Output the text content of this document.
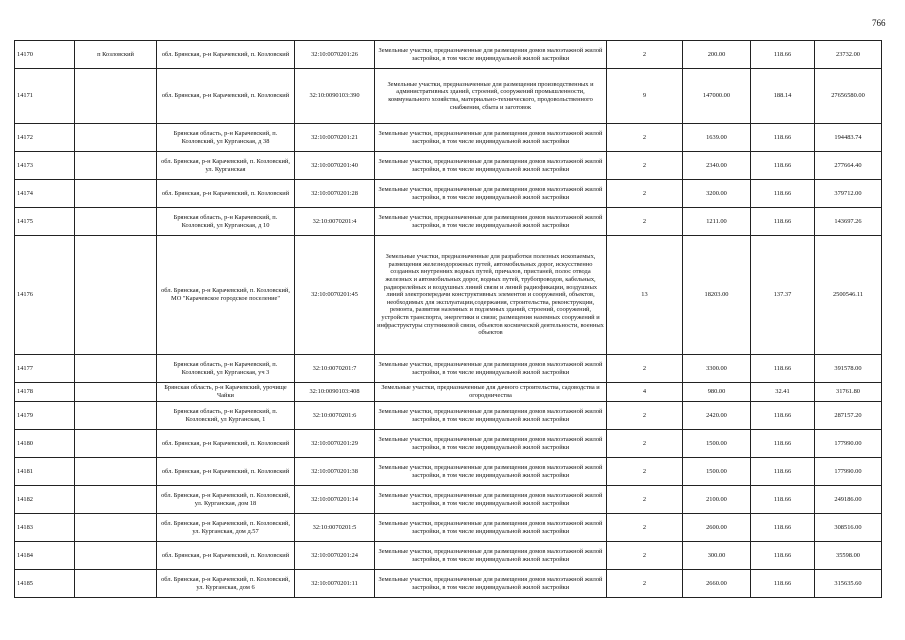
766
14170	п Козловский	обл. Брянская, р-н Карачевский, п. Козловский	32:10:0070201:26	Земельные участки, предназначенные для размещения домов малоэтажной жилой застройки, в том числе индивидуальной жилой застройки	2	200.00	118.66	23732.00
14171		обл. Брянская, р-н Карачевский, п. Козловский	32:10:0090103:390	Земельные участки, предназначенные для размещения производственных и административных зданий, строений, сооружений промышленности, коммунального хозяйства, материально-технического, продовольственного снабжения, сбыта и заготовок	9	147000.00	188.14	27656580.00
14172		Брянская область, р-н Карачевский, п. Козловский, ул Курганская, д 38	32:10:0070201:21	Земельные участки, предназначенные для размещения домов малоэтажной жилой застройки, в том числе индивидуальной жилой застройки	2	1639.00	118.66	194483.74
14173		обл. Брянская, р-н Карачевский, п. Козловский, ул. Курганская	32:10:0070201:40	Земельные участки, предназначенные для размещения домов малоэтажной жилой застройки, в том числе индивидуальной жилой застройки	2	2340.00	118.66	277664.40
14174		обл. Брянская, р-н Карачевский, п. Козловский	32:10:0070201:28	Земельные участки, предназначенные для размещения домов малоэтажной жилой застройки, в том числе индивидуальной жилой застройки	2	3200.00	118.66	379712.00
14175		Брянская область, р-н Карачевский, п. Козловский, ул Курганская, д 10	32:10:0070201:4	Земельные участки, предназначенные для размещения домов малоэтажной жилой застройки, в том числе индивидуальной жилой застройки	2	1211.00	118.66	143697.26
14176		обл. Брянская, р-н Карачевский, п. Козловский, МО "Карачевское городское поселение"	32:10:0070201:45	Земельные участки, предназначенные для разработки полезных ископаемых, размещения железнодорожных путей, автомобильных дорог, искусственно созданных внутренних водных путей, причалов, пристаней, полос отвода железных и автомобильных дорог, водных путей, трубопроводов, кабельных, радиорелейных и воздушных линий связи и линий радиофикации, воздушных линий электропередачи конструктивных элементов и сооружений, объектов, необходимых для эксплуатации,содержания, строительства, реконструкции, ремонта, развития наземных и подземных зданий, строений, сооружений, устройств транспорта, энергетики и связи; размещения наземных сооружений и инфраструктуры спутниковой связи, объектов космической деятельности, военных объектов	13	18203.00	137.37	2500546.11
14177		Брянская область, р-н Карачевский, п. Козловский, ул Курганская, уч 3	32:10:0070201:7	Земельные участки, предназначенные для размещения домов малоэтажной жилой застройки, в том числе индивидуальной жилой застройки	2	3300.00	118.66	391578.00
14178		Брянская область, р-н Карачевский, урочище Чайки	32:10:0090103:408	Земельные участки, предназначенные для дачного строительства, садоводства и огородничества	4	980.00	32.41	31761.80
14179		Брянская область, р-н Карачевский, п. Козловский, ул Курганская, 1	32:10:0070201:6	Земельные участки, предназначенные для размещения домов малоэтажной жилой застройки, в том числе индивидуальной жилой застройки	2	2420.00	118.66	287157.20
14180		обл. Брянская, р-н Карачевский, п. Козловский	32:10:0070201:29	Земельные участки, предназначенные для размещения домов малоэтажной жилой застройки, в том числе индивидуальной жилой застройки	2	1500.00	118.66	177990.00
14181		обл. Брянская, р-н Карачевский, п. Козловский	32:10:0070201:38	Земельные участки, предназначенные для размещения домов малоэтажной жилой застройки, в том числе индивидуальной жилой застройки	2	1500.00	118.66	177990.00
14182		обл. Брянская, р-н Карачевский, п. Козловский, ул. Курганская, дом 18	32:10:0070201:14	Земельные участки, предназначенные для размещения домов малоэтажной жилой застройки, в том числе индивидуальной жилой застройки	2	2100.00	118.66	249186.00
14183		обл. Брянская, р-н Карачевский, п. Козловский, ул. Курганская, дом д.57	32:10:0070201:5	Земельные участки, предназначенные для размещения домов малоэтажной жилой застройки, в том числе индивидуальной жилой застройки	2	2600.00	118.66	308516.00
14184		обл. Брянская, р-н Карачевский, п. Козловский	32:10:0070201:24	Земельные участки, предназначенные для размещения домов малоэтажной жилой застройки, в том числе индивидуальной жилой застройки	2	300.00	118.66	35598.00
14185		обл. Брянская, р-н Карачевский, п. Козловский, ул. Курганская, дом 6	32:10:0070201:11	Земельные участки, предназначенные для размещения домов малоэтажной жилой застройки, в том числе индивидуальной жилой застройки	2	2660.00	118.66	315635.60
